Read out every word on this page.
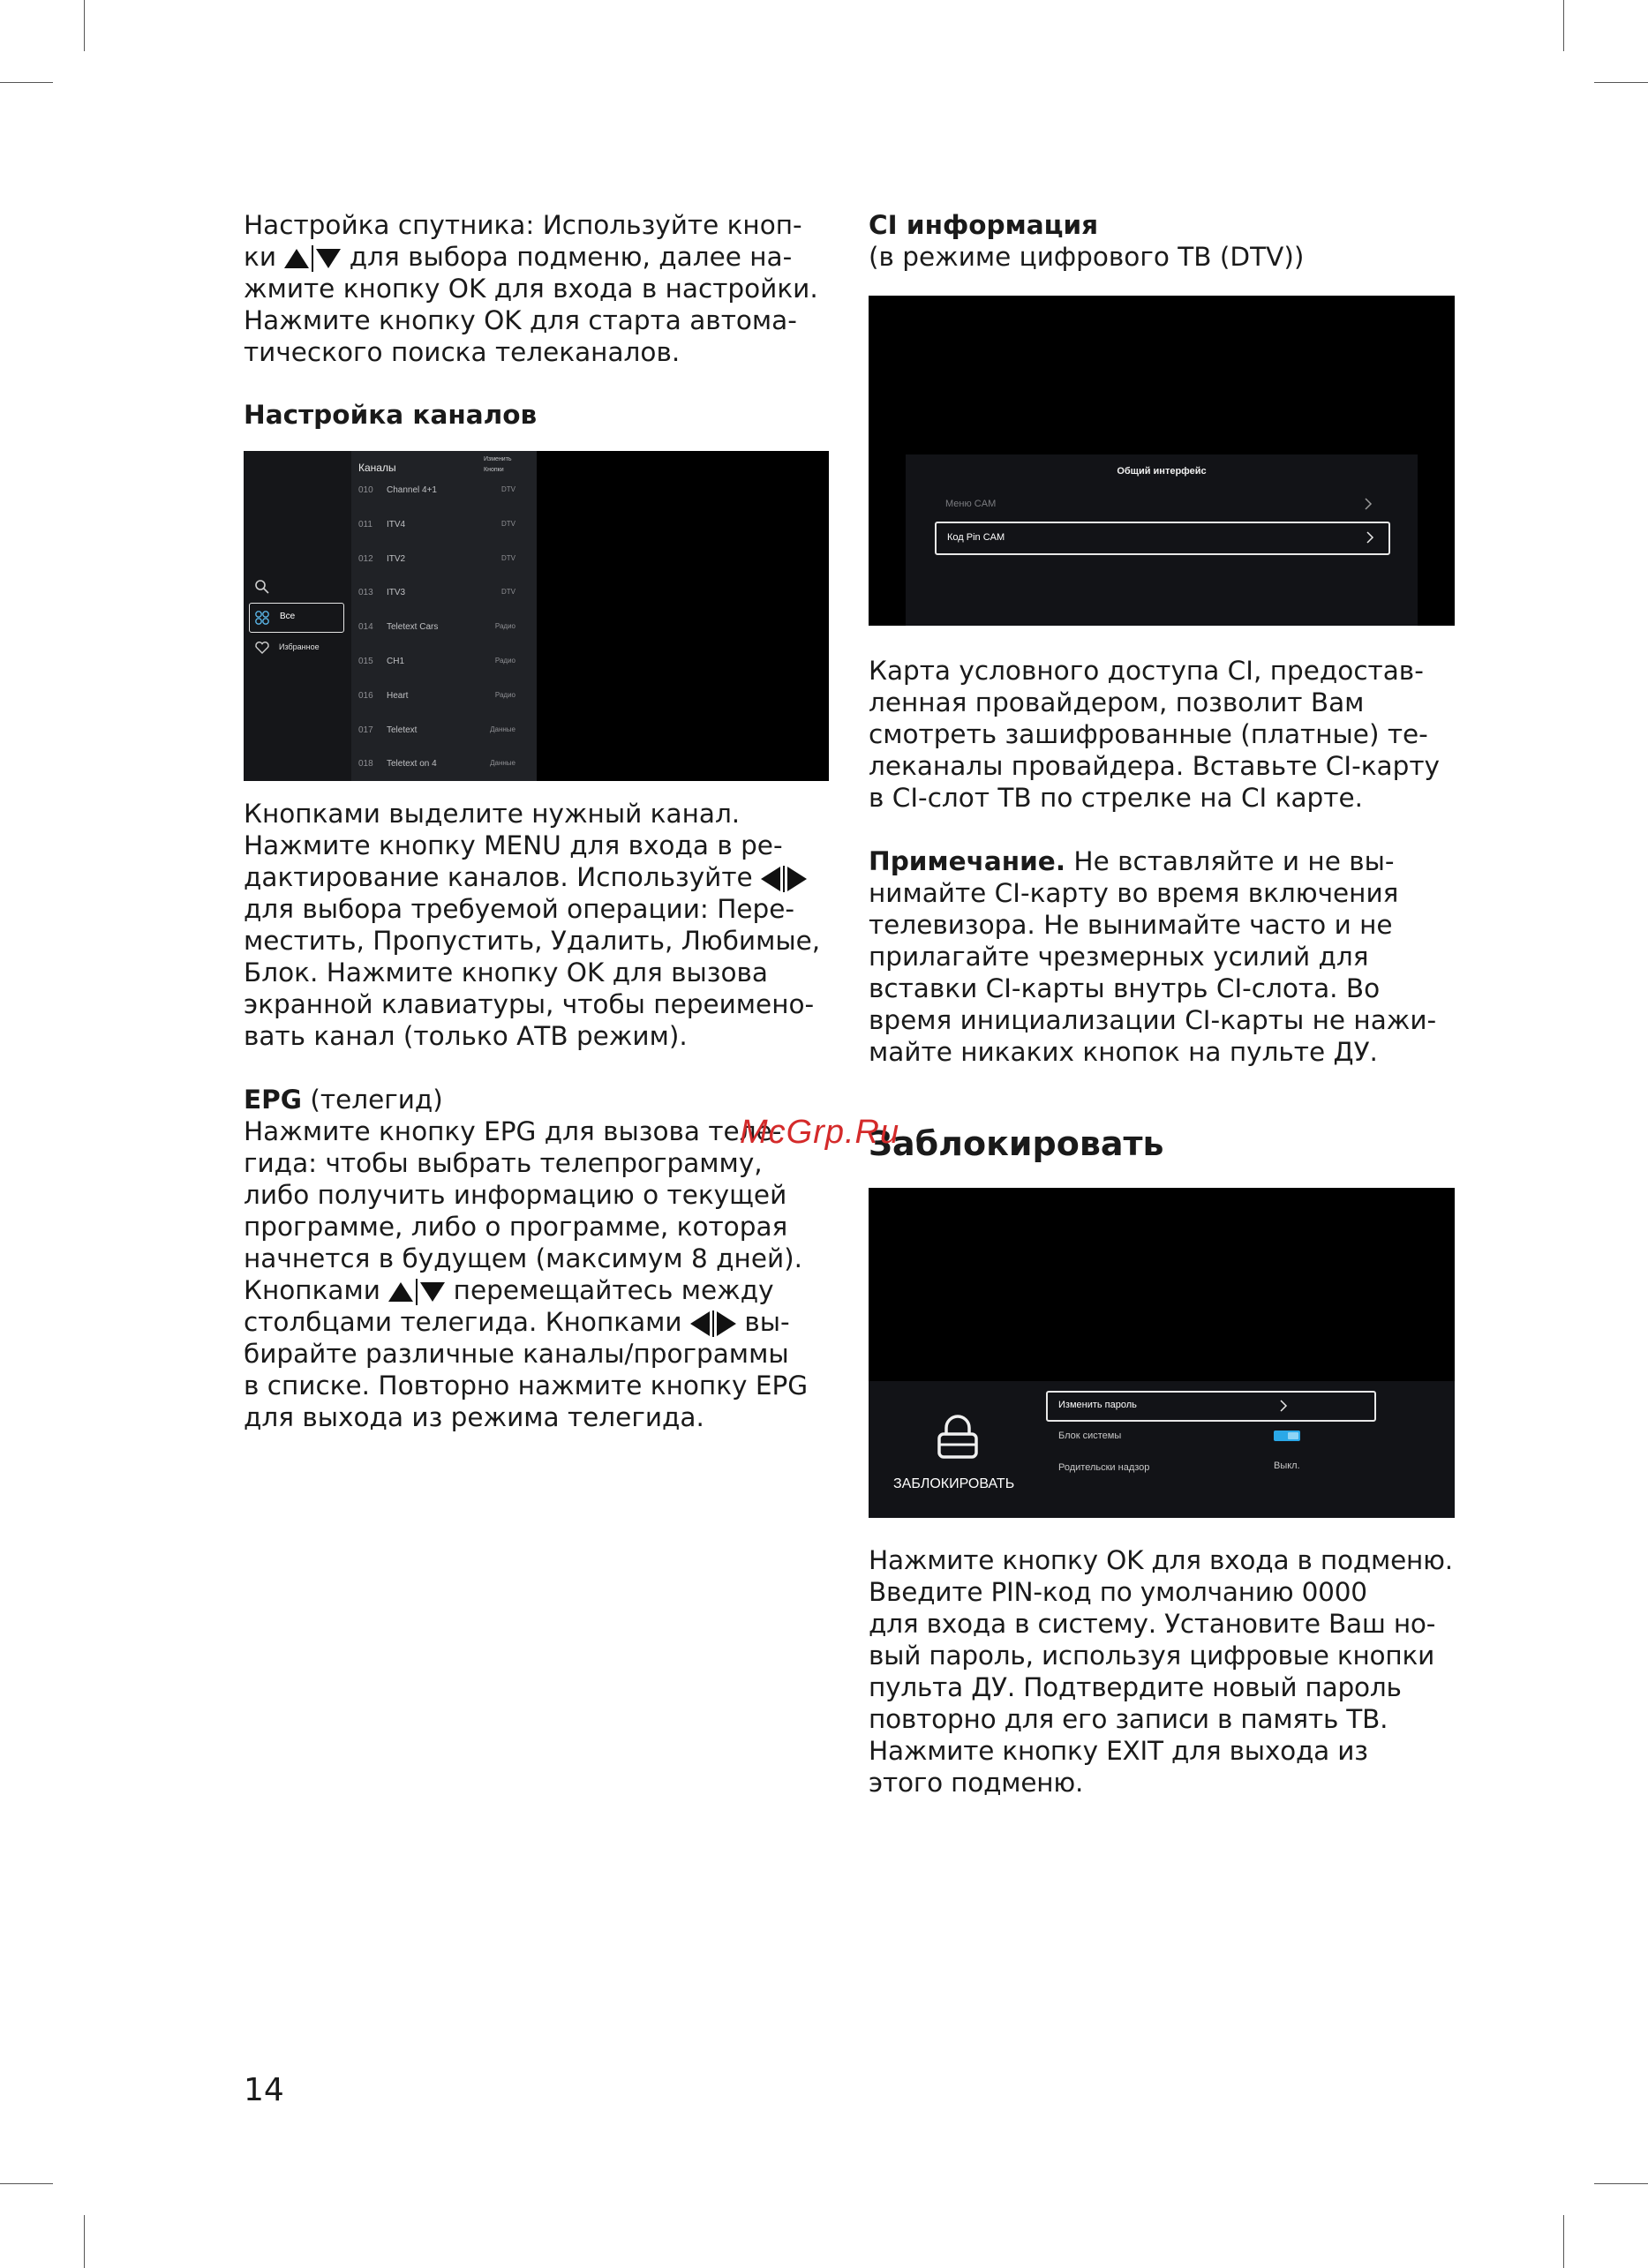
Настройка спутника: Используйте кноп-
ки	для выбора подменю, далее на-
жмите кнопку OK для входа в настройки.
Нажмите кнопку OK для старта автома-
тического поиска телеканалов.

Настройка каналов

Все
Избранное
Каналы
Изменить
Кнопки
010 Channel 4+1	DTV
011 ITV4	DTV
012 ITV2	DTV
013 ITV3	DTV
014 Teletext Cars	Радио
015 CH1	Радио
016 Heart	Радио
017 Teletext	Данные
018 Teletext on 4	Данные

Кнопками выделите нужный канал.
Нажмите кнопку MENU для входа в ре-
дактирование каналов. Используйте
для выбора требуемой операции: Пере-
местить, Пропустить, Удалить, Любимые,
Блок. Нажмите кнопку OK для вызова
экранной клавиатуры, чтобы переимено-
вать канал (только АТВ режим).

EPG (телегид)

Нажмите кнопку EPG для вызова теле-
гида: чтобы выбрать телепрограмму,
либо получить информацию о текущей
программе, либо о программе, которая
начнется в будущем (максимум 8 дней).
Кнопками	перемещайтесь между
столбцами телегида. Кнопками вы-
бирайте различные каналы/программы
в списке. Повторно нажмите кнопку EPG
для выхода из режима телегида.

CI информация

(в режиме цифрового ТВ (DTV))

Общий интерфейс
Меню CAM
Код Pin CAM

Карта условного доступа CI, предостав-
ленная провайдером, позволит Вам
смотреть зашифрованные (платные) те-
леканалы провайдера. Вставьте CI-карту
в CI-слот ТВ по стрелке на CI карте.

Примечание. Не вставляйте и не вы-
нимайте CI-карту во время включения
телевизора. Не вынимайте часто и не
прилагайте чрезмерных усилий для
вставки CI-карты внутрь CI-слота. Во
время инициализации CI-карты не нажи-
майте никаких кнопок на пульте ДУ.

Заблокировать

ЗАБЛОКИРОВАТЬ
Изменить пароль
Блок системы
Родительски надзор	Выкл.

Нажмите кнопку OK для входа в подменю.
Введите PIN-код по умолчанию 0000
для входа в систему. Установите Ваш но-
вый пароль, используя цифровые кнопки
пульта ДУ. Подтвердите новый пароль
повторно для его записи в память ТВ.
Нажмите кнопку EXIT для выхода из
этого подменю.

McGrp.Ru
14
